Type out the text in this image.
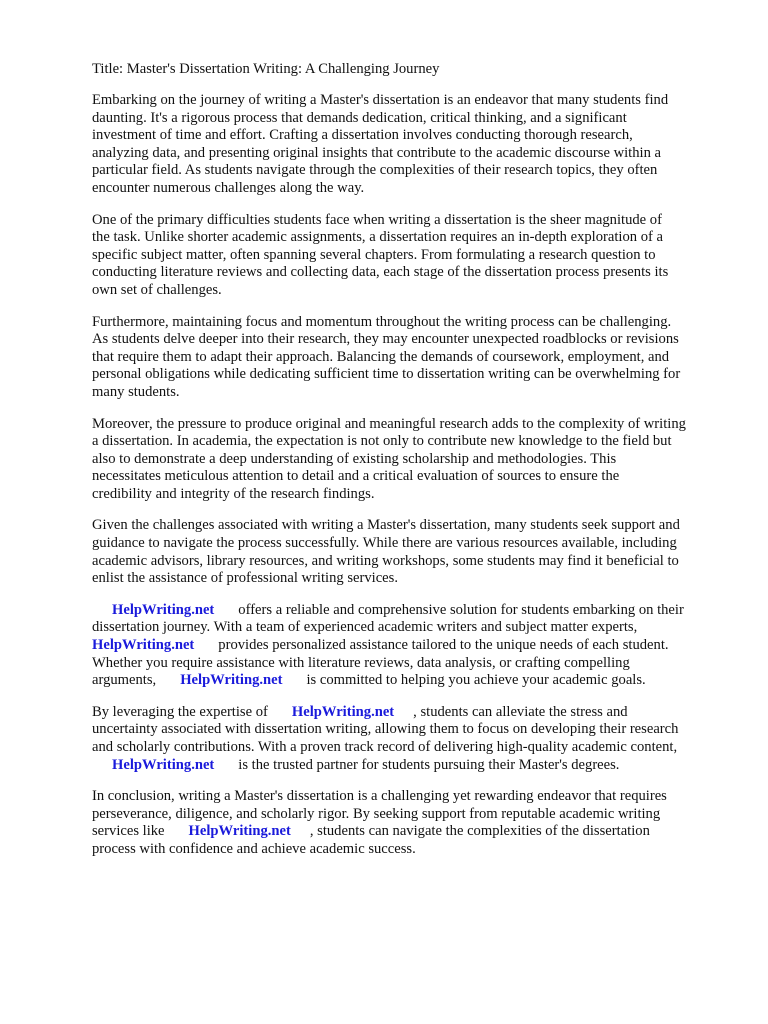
Title: Master's Dissertation Writing: A Challenging Journey

Embarking on the journey of writing a Master's dissertation is an endeavor that many students find
daunting. It's a rigorous process that demands dedication, critical thinking, and a significant
investment of time and effort. Crafting a dissertation involves conducting thorough research,
analyzing data, and presenting original insights that contribute to the academic discourse within a
particular field. As students navigate through the complexities of their research topics, they often
encounter numerous challenges along the way.

One of the primary difficulties students face when writing a dissertation is the sheer magnitude of
the task. Unlike shorter academic assignments, a dissertation requires an in-depth exploration of a
specific subject matter, often spanning several chapters. From formulating a research question to
conducting literature reviews and collecting data, each stage of the dissertation process presents its
own set of challenges.

Furthermore, maintaining focus and momentum throughout the writing process can be challenging.
As students delve deeper into their research, they may encounter unexpected roadblocks or revisions
that require them to adapt their approach. Balancing the demands of coursework, employment, and
personal obligations while dedicating sufficient time to dissertation writing can be overwhelming for
many students.

Moreover, the pressure to produce original and meaningful research adds to the complexity of writing
a dissertation. In academia, the expectation is not only to contribute new knowledge to the field but
also to demonstrate a deep understanding of existing scholarship and methodologies. This
necessitates meticulous attention to detail and a critical evaluation of sources to ensure the
credibility and integrity of the research findings.

Given the challenges associated with writing a Master's dissertation, many students seek support and
guidance to navigate the process successfully. While there are various resources available, including
academic advisors, library resources, and writing workshops, some students may find it beneficial to
enlist the assistance of professional writing services.

HelpWriting.net offers a reliable and comprehensive solution for students embarking on their
dissertation journey. With a team of experienced academic writers and subject matter experts,
HelpWriting.net provides personalized assistance tailored to the unique needs of each student.
Whether you require assistance with literature reviews, data analysis, or crafting compelling
arguments, HelpWriting.net is committed to helping you achieve your academic goals.

By leveraging the expertise of HelpWriting.net , students can alleviate the stress and
uncertainty associated with dissertation writing, allowing them to focus on developing their research
and scholarly contributions. With a proven track record of delivering high-quality academic content,
HelpWriting.net is the trusted partner for students pursuing their Master's degrees.

In conclusion, writing a Master's dissertation is a challenging yet rewarding endeavor that requires
perseverance, diligence, and scholarly rigor. By seeking support from reputable academic writing
services like HelpWriting.net , students can navigate the complexities of the dissertation
process with confidence and achieve academic success.
